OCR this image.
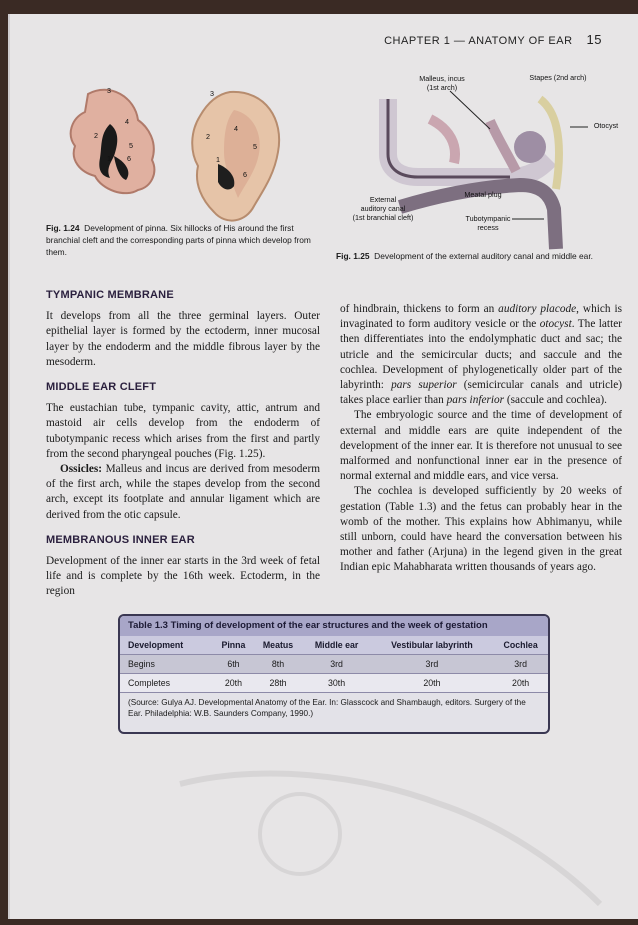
CHAPTER 1 — ANATOMY OF EAR 15
3
4
2
5
1 6
3
4
2
5
1
6
Fig. 1.24 Development of pinna. Six hillocks of His around the first branchial cleft and the corresponding parts of pinna which develop from them.
Malleus, incus
(1st arch)
Stapes (2nd arch)
Otocyst
Meatal plug
External
auditory canal
(1st branchial cleft)	Tubotympanic
recess
Fig. 1.25 Development of the external auditory canal and middle ear.
TYMPANIC MEMBRANE

It develops from all the three germinal layers. Outer epithelial layer is formed by the ectoderm, inner mucosal layer by the endoderm and the middle fibrous layer by the mesoderm.

MIDDLE EAR CLEFT

The eustachian tube, tympanic cavity, attic, antrum and mastoid air cells develop from the endoderm of tubotympanic recess which arises from the first and partly from the second pharyngeal pouches (Fig. 1.25).

Ossicles: Malleus and incus are derived from mesoderm of the first arch, while the stapes develop from the second arch, except its footplate and annular ligament which are derived from the otic capsule.

MEMBRANOUS INNER EAR

Development of the inner ear starts in the 3rd week of fetal life and is complete by the 16th week. Ectoderm, in the region

of hindbrain, thickens to form an auditory placode, which is invaginated to form auditory vesicle or the otocyst. The latter then differentiates into the endolymphatic duct and sac; the utricle and the semicircular ducts; and saccule and the cochlea. Development of phylogenetically older part of the labyrinth: pars superior (semicircular canals and utricle) takes place earlier than pars inferior (saccule and cochlea).

The embryologic source and the time of development of external and middle ears are quite independent of the development of the inner ear. It is therefore not unusual to see malformed and nonfunctional inner ear in the presence of normal external and middle ears, and vice versa.

The cochlea is developed sufficiently by 20 weeks of gestation (Table 1.3) and the fetus can probably hear in the womb of the mother. This explains how Abhimanyu, while still unborn, could have heard the conversation between his mother and father (Arjuna) in the legend given in the great Indian epic Mahabharata written thousands of years ago.

Table 1.3 Timing of development of the ear structures and the week of gestation
Development	Pinna	Meatus	Middle ear	Vestibular labyrinth	Cochlea
Begins	6th	8th	3rd	3rd	3rd
Completes	20th	28th	30th	20th	20th
(Source: Gulya AJ. Developmental Anatomy of the Ear. In: Glasscock and Shambaugh, editors. Surgery of the Ear. Philadelphia: W.B. Saunders Company, 1990.)
